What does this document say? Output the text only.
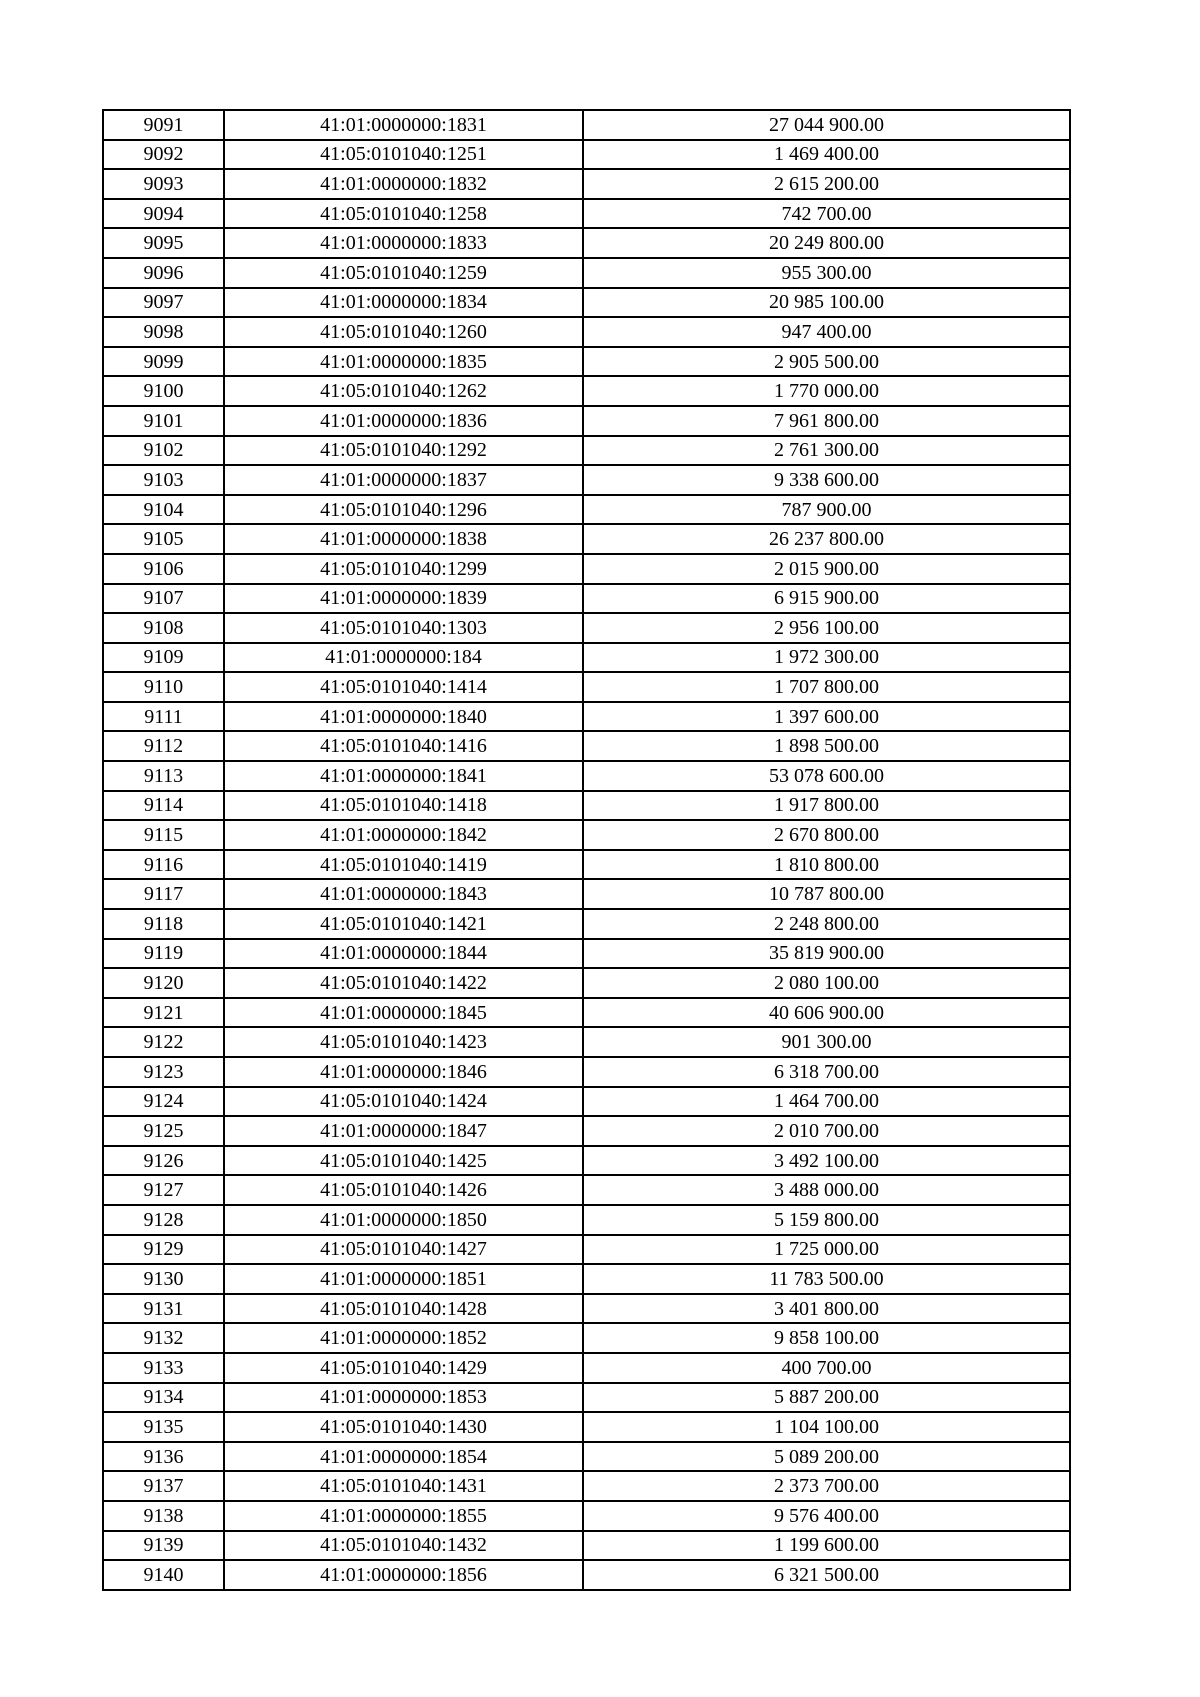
9091	41:01:0000000:1831	27 044 900.00
9092	41:05:0101040:1251	1 469 400.00
9093	41:01:0000000:1832	2 615 200.00
9094	41:05:0101040:1258	742 700.00
9095	41:01:0000000:1833	20 249 800.00
9096	41:05:0101040:1259	955 300.00
9097	41:01:0000000:1834	20 985 100.00
9098	41:05:0101040:1260	947 400.00
9099	41:01:0000000:1835	2 905 500.00
9100	41:05:0101040:1262	1 770 000.00
9101	41:01:0000000:1836	7 961 800.00
9102	41:05:0101040:1292	2 761 300.00
9103	41:01:0000000:1837	9 338 600.00
9104	41:05:0101040:1296	787 900.00
9105	41:01:0000000:1838	26 237 800.00
9106	41:05:0101040:1299	2 015 900.00
9107	41:01:0000000:1839	6 915 900.00
9108	41:05:0101040:1303	2 956 100.00
9109	41:01:0000000:184	1 972 300.00
9110	41:05:0101040:1414	1 707 800.00
9111	41:01:0000000:1840	1 397 600.00
9112	41:05:0101040:1416	1 898 500.00
9113	41:01:0000000:1841	53 078 600.00
9114	41:05:0101040:1418	1 917 800.00
9115	41:01:0000000:1842	2 670 800.00
9116	41:05:0101040:1419	1 810 800.00
9117	41:01:0000000:1843	10 787 800.00
9118	41:05:0101040:1421	2 248 800.00
9119	41:01:0000000:1844	35 819 900.00
9120	41:05:0101040:1422	2 080 100.00
9121	41:01:0000000:1845	40 606 900.00
9122	41:05:0101040:1423	901 300.00
9123	41:01:0000000:1846	6 318 700.00
9124	41:05:0101040:1424	1 464 700.00
9125	41:01:0000000:1847	2 010 700.00
9126	41:05:0101040:1425	3 492 100.00
9127	41:05:0101040:1426	3 488 000.00
9128	41:01:0000000:1850	5 159 800.00
9129	41:05:0101040:1427	1 725 000.00
9130	41:01:0000000:1851	11 783 500.00
9131	41:05:0101040:1428	3 401 800.00
9132	41:01:0000000:1852	9 858 100.00
9133	41:05:0101040:1429	400 700.00
9134	41:01:0000000:1853	5 887 200.00
9135	41:05:0101040:1430	1 104 100.00
9136	41:01:0000000:1854	5 089 200.00
9137	41:05:0101040:1431	2 373 700.00
9138	41:01:0000000:1855	9 576 400.00
9139	41:05:0101040:1432	1 199 600.00
9140	41:01:0000000:1856	6 321 500.00
